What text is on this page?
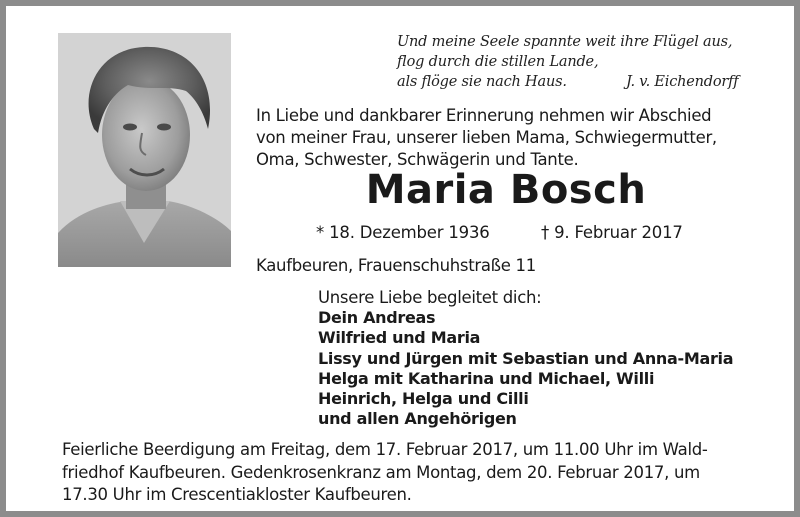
Und meine Seele spannte weit ihre Flügel aus,
flog durch die stillen Lande,
als flöge sie nach Haus.	J. v. Eichendorff
In Liebe und dankbarer Erinnerung nehmen wir Abschied
von meiner Frau, unserer lieben Mama, Schwiegermutter,
Oma, Schwester, Schwägerin und Tante.
Maria Bosch
* 18. Dezember 1936	† 9. Februar 2017
Kaufbeuren, Frauenschuhstraße 11
Unsere Liebe begleitet dich:
Dein Andreas
Wilfried und Maria
Lissy und Jürgen mit Sebastian und Anna-Maria
Helga mit Katharina und Michael, Willi
Heinrich, Helga und Cilli
und allen Angehörigen
Feierliche Beerdigung am Freitag, dem 17. Februar 2017, um 11.00 Uhr im Wald-
friedhof Kaufbeuren. Gedenkrosenkranz am Montag, dem 20. Februar 2017, um
17.30 Uhr im Crescentiakloster Kaufbeuren.
